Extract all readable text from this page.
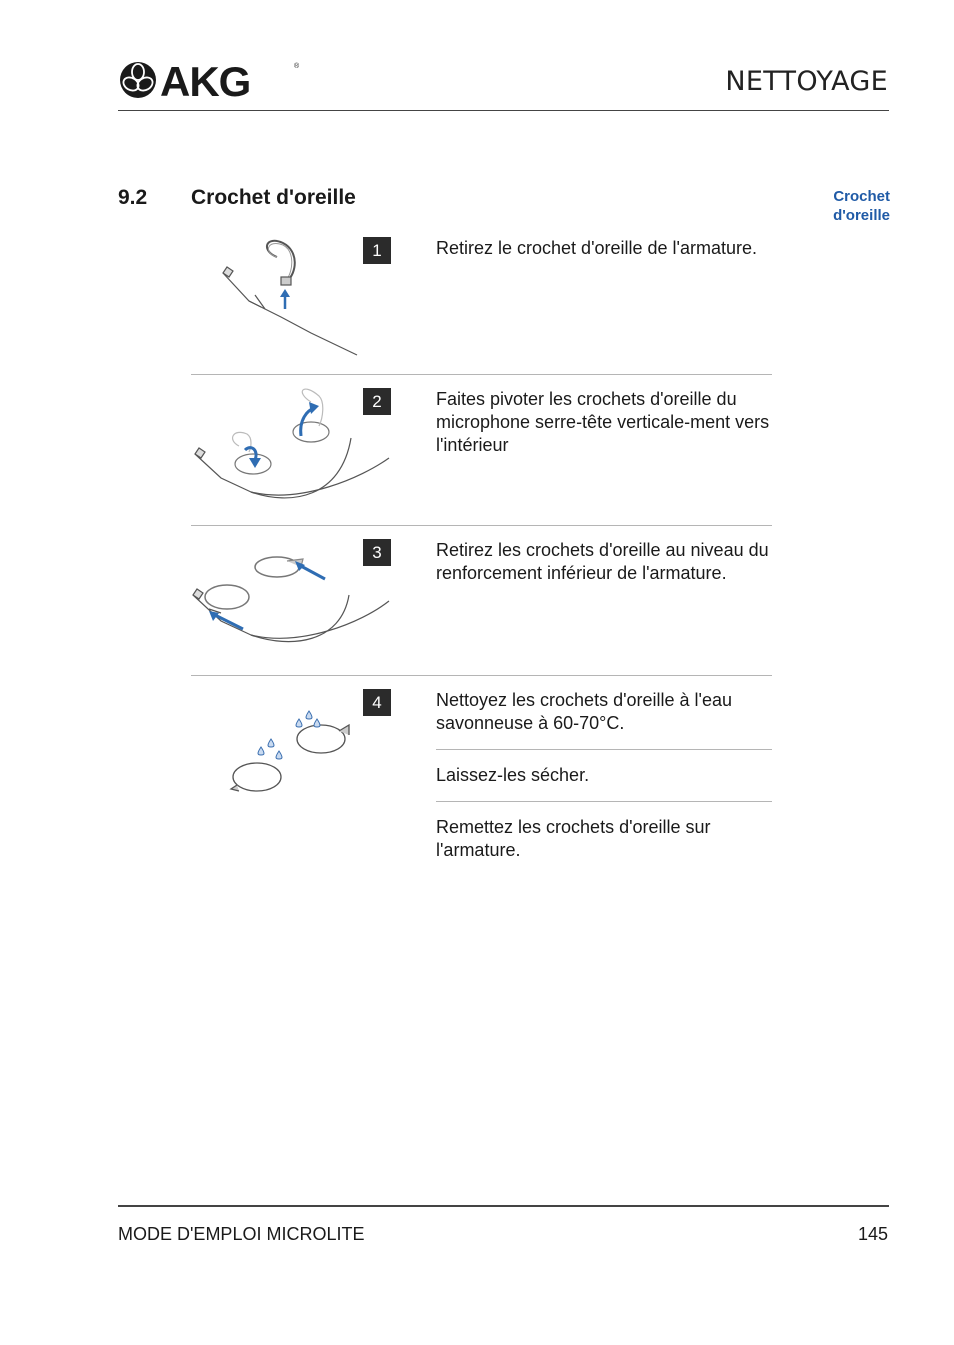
AKG	®	NETTOYAGE
9.2 Crochet d'oreille	Crochet
d'oreille
1	Retirez le crochet d'oreille de l'armature.

2	Faites pivoter les crochets d'oreille du microphone serre-tête verticale-ment vers l'intérieur

3	Retirez les crochets d'oreille au niveau du renforcement inférieur de l'armature.

4	Nettoyez les crochets d'oreille à l'eau savonneuse à 60-70°C.

Laissez-les sécher.

Remettez les crochets d'oreille sur l'armature.

MODE D'EMPLOI MICROLITE	145
